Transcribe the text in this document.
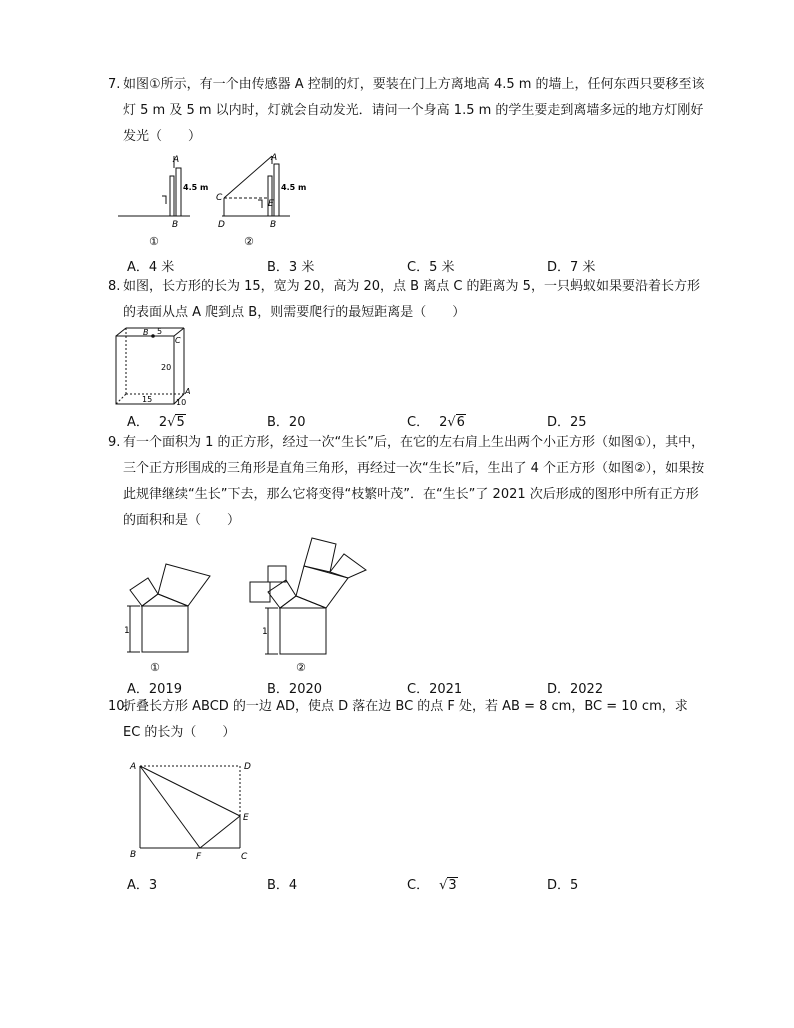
7. 如图①所示，有一个由传感器 A 控制的灯，要装在门上方离地高 4.5 m 的墙上，任何东西只要移至该灯 5 m 及 5 m 以内时，灯就会自动发光．请问一个身高 1.5 m 的学生要走到离墙多远的地方灯刚好发光（　　）
A
4.5 m
B
①
A
4.5 m
C
D
E
B
②
A．4 米	B．3 米	C．5 米	D．7 米
8. 如图，长方形的长为 15，宽为 20，高为 20，点 B 离点 C 的距离为 5，一只蚂蚁如果要沿着长方形的表面从点 A 爬到点 B，则需要爬行的最短距离是（　　）
B 5
C
20
A
10
15
A． 2√5	B．20	C． 2√6	D．25
9. 有一个面积为 1 的正方形，经过一次“生长”后，在它的左右肩上生出两个小正方形（如图①），其中，三个正方形围成的三角形是直角三角形，再经过一次“生长”后，生出了 4 个正方形（如图②），如果按此规律继续“生长”下去，那么它将变得“枝繁叶茂”．在“生长”了 2021 次后形成的图形中所有正方形的面积和是（　　）
1
①
1
②
A．2019	B．2020	C．2021	D．2022
10.
折叠长方形 ABCD 的一边 AD，使点 D 落在边 BC 的点 F 处，若 AB = 8 cm，BC = 10 cm，求 EC 的长为（　　）
A	D
E
B	F	C
A．3	B．4	C． √3	D．5
